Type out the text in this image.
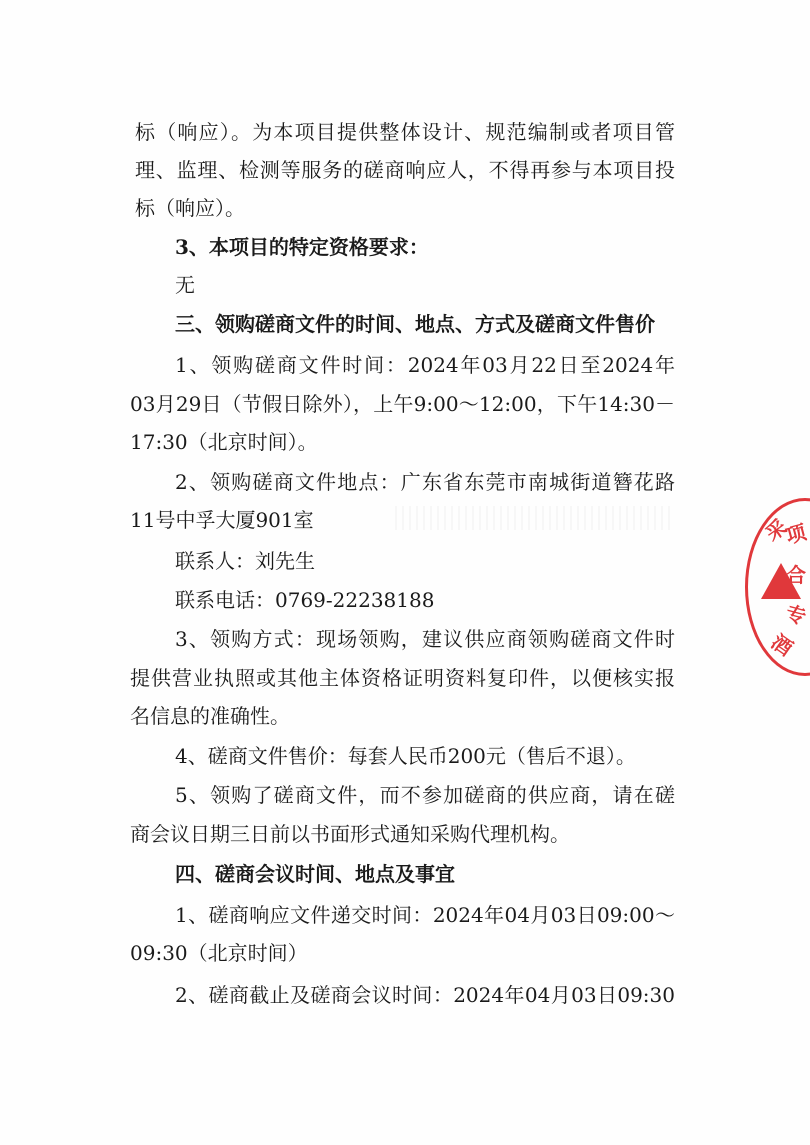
标（响应）。为本项目提供整体设计、规范编制或者项目管
理、监理、检测等服务的磋商响应人，不得再参与本项目投
标（响应）。
3、本项目的特定资格要求：
无
三、领购磋商文件的时间、地点、方式及磋商文件售价
1、领购磋商文件时间：2024年03月22日至2024年
03月29日（节假日除外），上午9:00～12:00，下午14:30－
17:30（北京时间）。
2、领购磋商文件地点：广东省东莞市南城街道簪花路
11号中孚大厦901室
联系人：刘先生
联系电话：0769-22238188
3、领购方式：现场领购，建议供应商领购磋商文件时
提供营业执照或其他主体资格证明资料复印件，以便核实报
名信息的准确性。
4、磋商文件售价：每套人民币200元（售后不退）。
5、领购了磋商文件，而不参加磋商的供应商，请在磋
商会议日期三日前以书面形式通知采购代理机构。
四、磋商会议时间、地点及事宜
1、磋商响应文件递交时间：2024年04月03日09:00～
09:30（北京时间）
2、磋商截止及磋商会议时间：2024年04月03日09:30
采
项
合
专
酒
